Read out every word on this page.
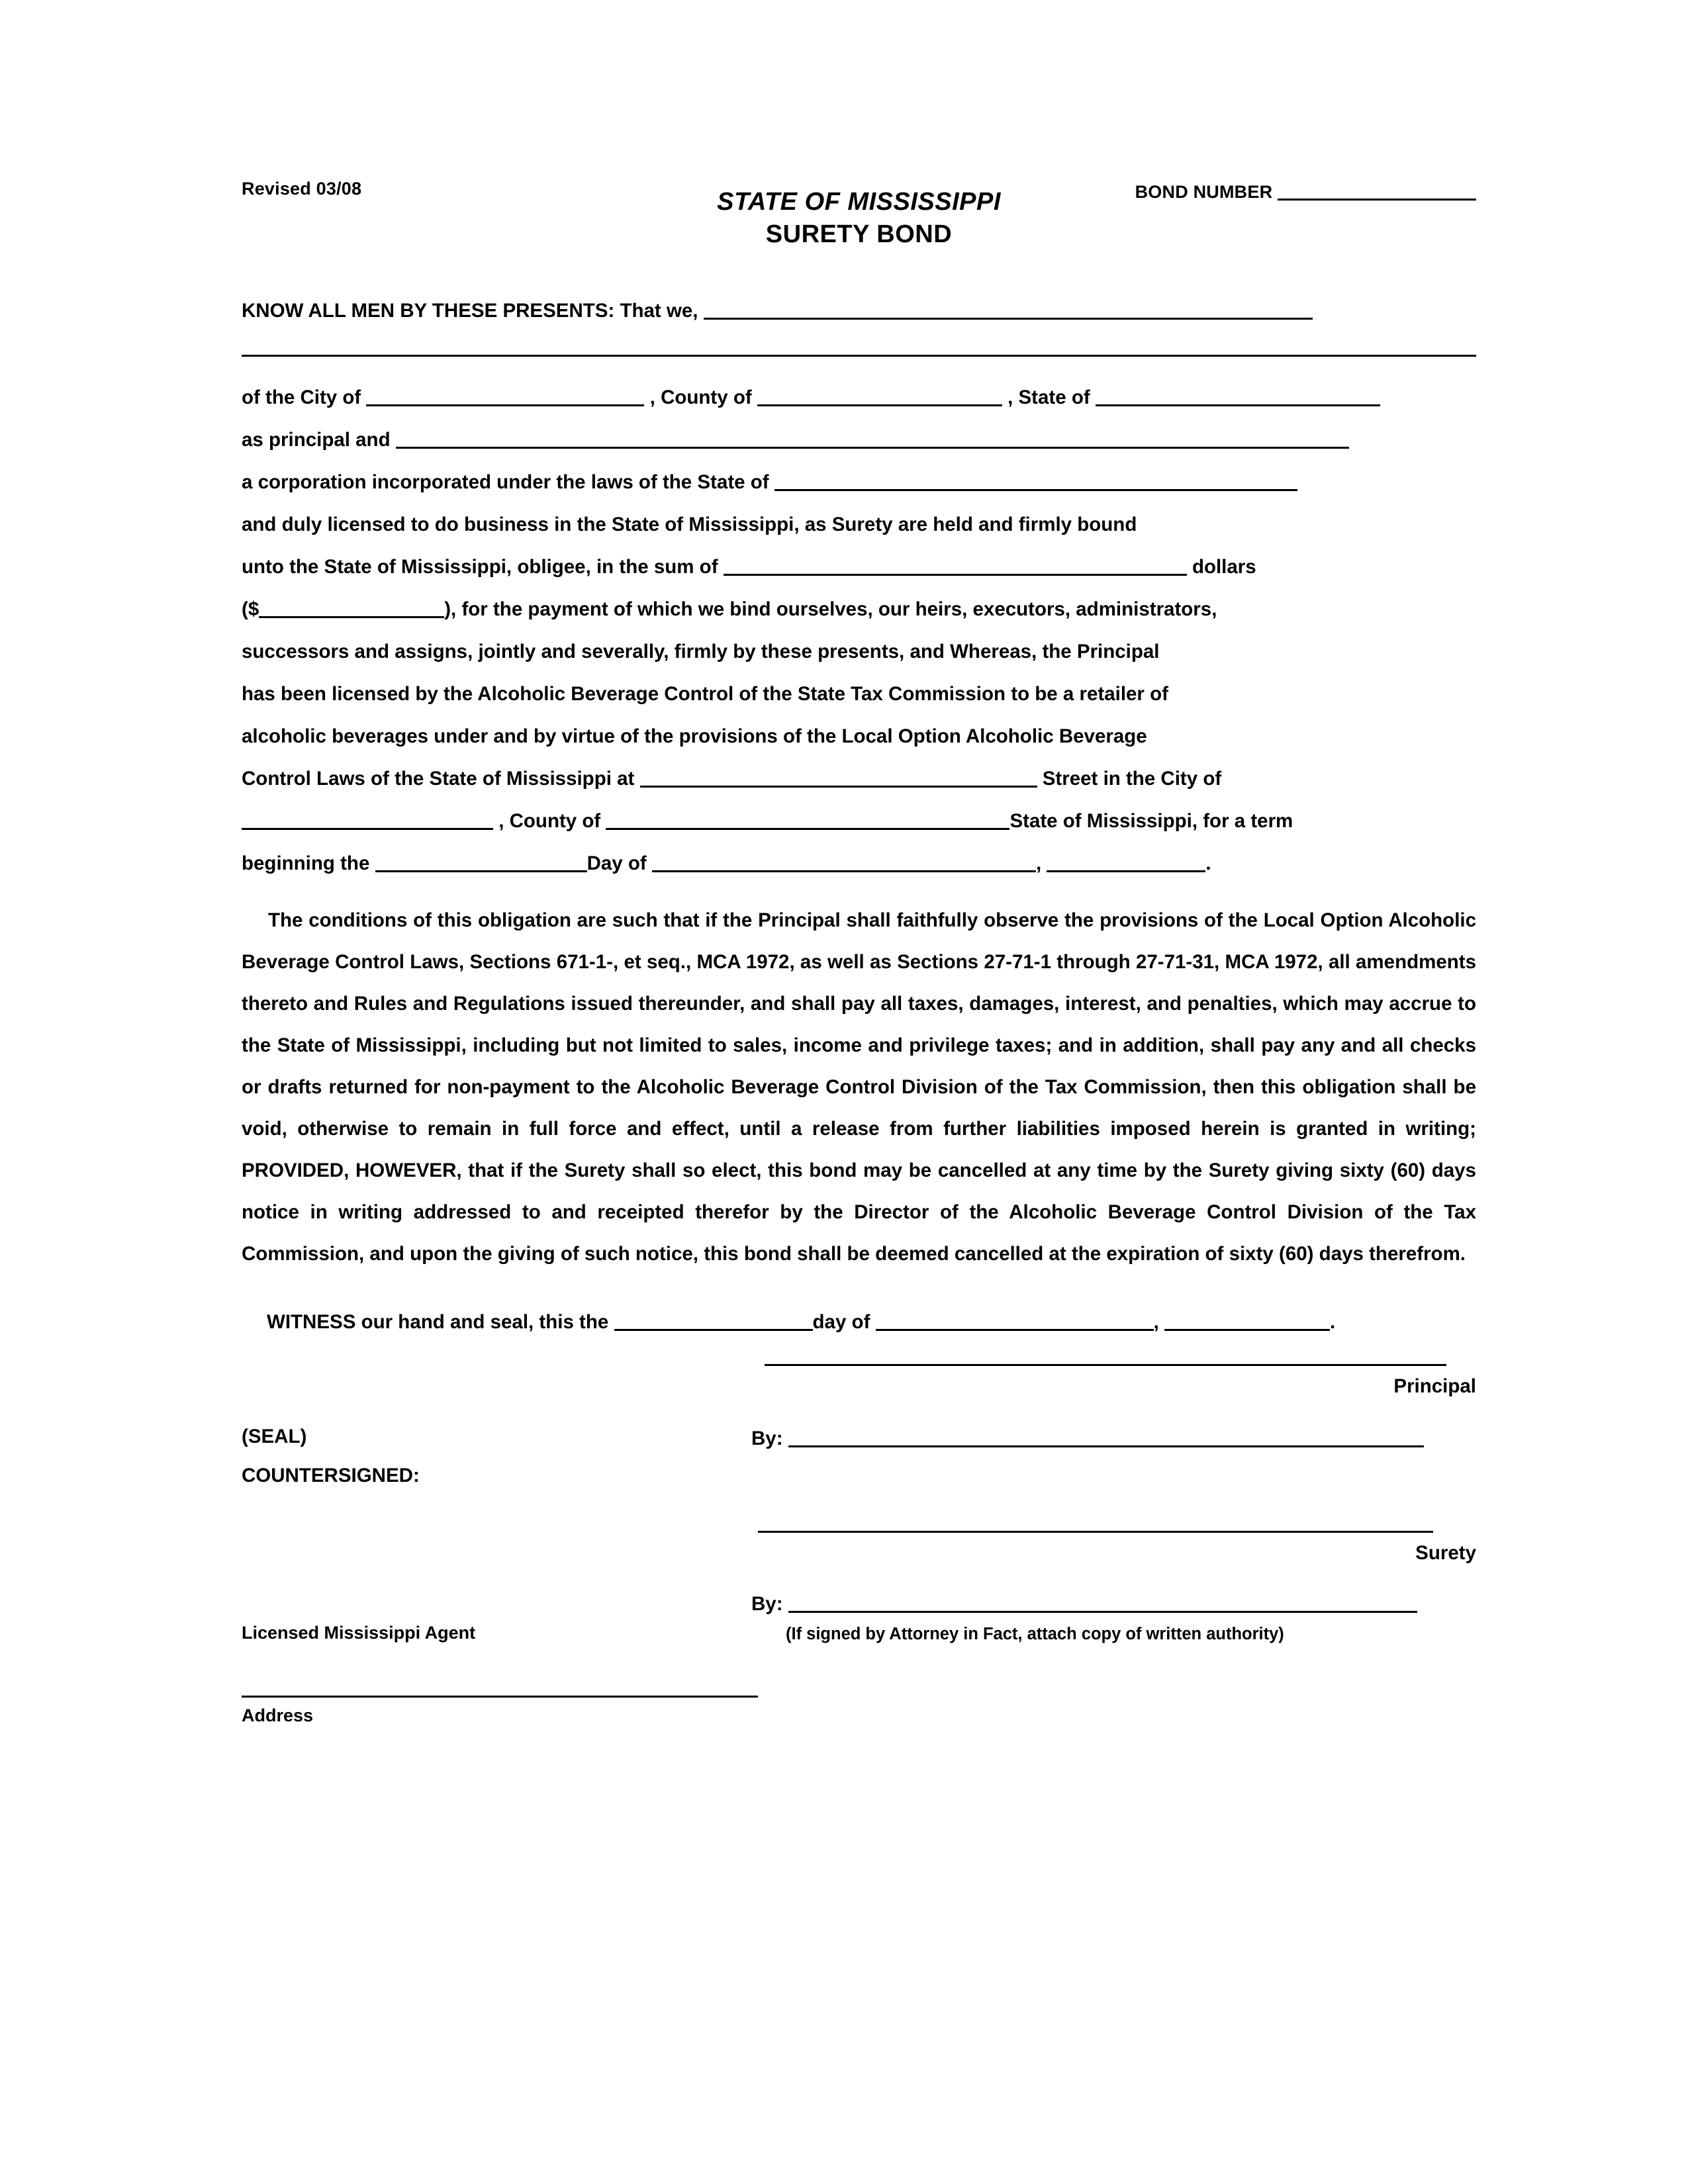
Revised 03/08	BOND NUMBER
STATE OF MISSISSIPPI
SURETY BOND
KNOW ALL MEN BY THESE PRESENTS: That we,
of the City of	, County of	, State of
as principal and
a corporation incorporated under the laws of the State of
and duly licensed to do business in the State of Mississippi, as Surety are held and firmly bound
unto the State of Mississippi, obligee, in the sum of	dollars
($	), for the payment of which we bind ourselves, our heirs, executors, administrators,
successors and assigns, jointly and severally, firmly by these presents, and Whereas, the Principal
has been licensed by the Alcoholic Beverage Control of the State Tax Commission to be a retailer of
alcoholic beverages under and by virtue of the provisions of the Local Option Alcoholic Beverage
Control Laws of the State of Mississippi at	Street in the City of
, County of	State of Mississippi, for a term
beginning the	Day of	,	.
The conditions of this obligation are such that if the Principal shall faithfully observe the provisions of the Local Option Alcoholic Beverage Control Laws, Sections 671-1-, et seq., MCA 1972, as well as Sections 27-71-1 through 27-71-31, MCA 1972, all amendments thereto and Rules and Regulations issued thereunder, and shall pay all taxes, damages, interest, and penalties, which may accrue to the State of Mississippi, including but not limited to sales, income and privilege taxes; and in addition, shall pay any and all checks or drafts returned for non-payment to the Alcoholic Beverage Control Division of the Tax Commission, then this obligation shall be void, otherwise to remain in full force and effect, until a release from further liabilities imposed herein is granted in writing; PROVIDED, HOWEVER, that if the Surety shall so elect, this bond may be cancelled at any time by the Surety giving sixty (60) days notice in writing addressed to and receipted therefor by the Director of the Alcoholic Beverage Control Division of the Tax Commission, and upon the giving of such notice, this bond shall be deemed cancelled at the expiration of sixty (60) days therefrom.
WITNESS our hand and seal, this the	day of	,	.
Principal
(SEAL)	By:
COUNTERSIGNED:
Surety
Licensed Mississippi Agent
By:
(If signed by Attorney in Fact, attach copy of written authority)
Address
